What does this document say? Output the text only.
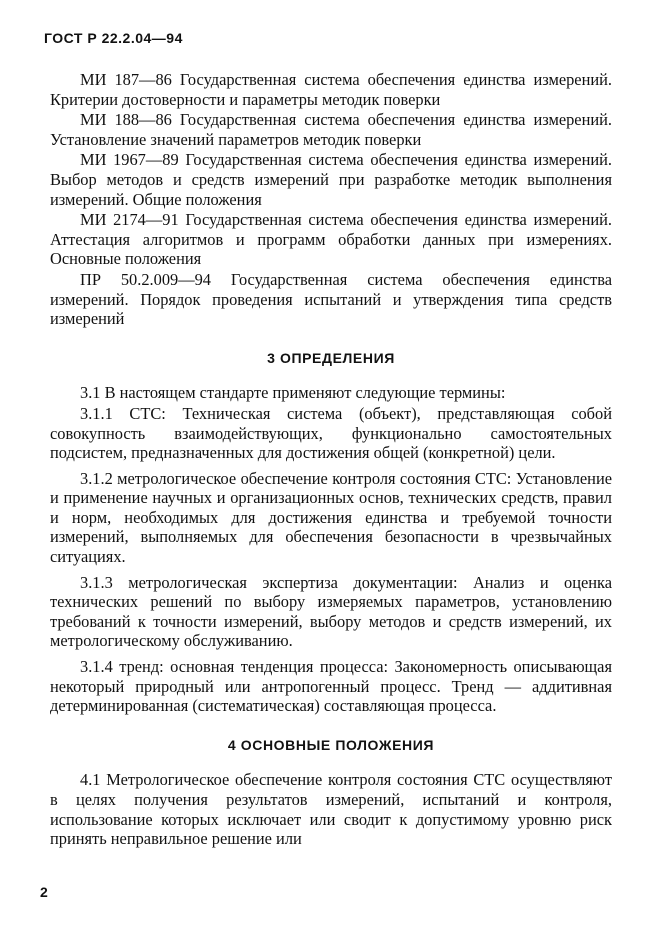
ГОСТ Р 22.2.04—94

МИ 187—86 Государственная система обеспечения единства измерений. Критерии достоверности и параметры методик поверки

МИ 188—86 Государственная система обеспечения единства измерений. Установление значений параметров методик поверки

МИ 1967—89 Государственная система обеспечения единства измерений. Выбор методов и средств измерений при разработке методик выполнения измерений. Общие положения

МИ 2174—91 Государственная система обеспечения единства измерений. Аттестация алгоритмов и программ обработки данных при измерениях. Основные положения

ПР 50.2.009—94 Государственная система обеспечения единства измерений. Порядок проведения испытаний и утверждения типа средств измерений

3 ОПРЕДЕЛЕНИЯ

3.1 В настоящем стандарте применяют следующие термины:

3.1.1 СТС: Техническая система (объект), представляющая собой совокупность взаимодействующих, функционально самостоятельных подсистем, предназначенных для достижения общей (конкретной) цели.

3.1.2 метрологическое обеспечение контроля состояния СТС: Установление и применение научных и организационных основ, технических средств, правил и норм, необходимых для достижения единства и требуемой точности измерений, выполняемых для обеспечения безопасности в чрезвычайных ситуациях.

3.1.3 метрологическая экспертиза документации: Анализ и оценка технических решений по выбору измеряемых параметров, установлению требований к точности измерений, выбору методов и средств измерений, их метрологическому обслуживанию.

3.1.4 тренд: основная тенденция процесса: Закономерность описывающая некоторый природный или антропогенный процесс. Тренд — аддитивная детерминированная (систематическая) составляющая процесса.

4 ОСНОВНЫЕ ПОЛОЖЕНИЯ

4.1 Метрологическое обеспечение контроля состояния СТС осуществляют в целях получения результатов измерений, испытаний и контроля, использование которых исключает или сводит к допустимому уровню риск принять неправильное решение или

2
